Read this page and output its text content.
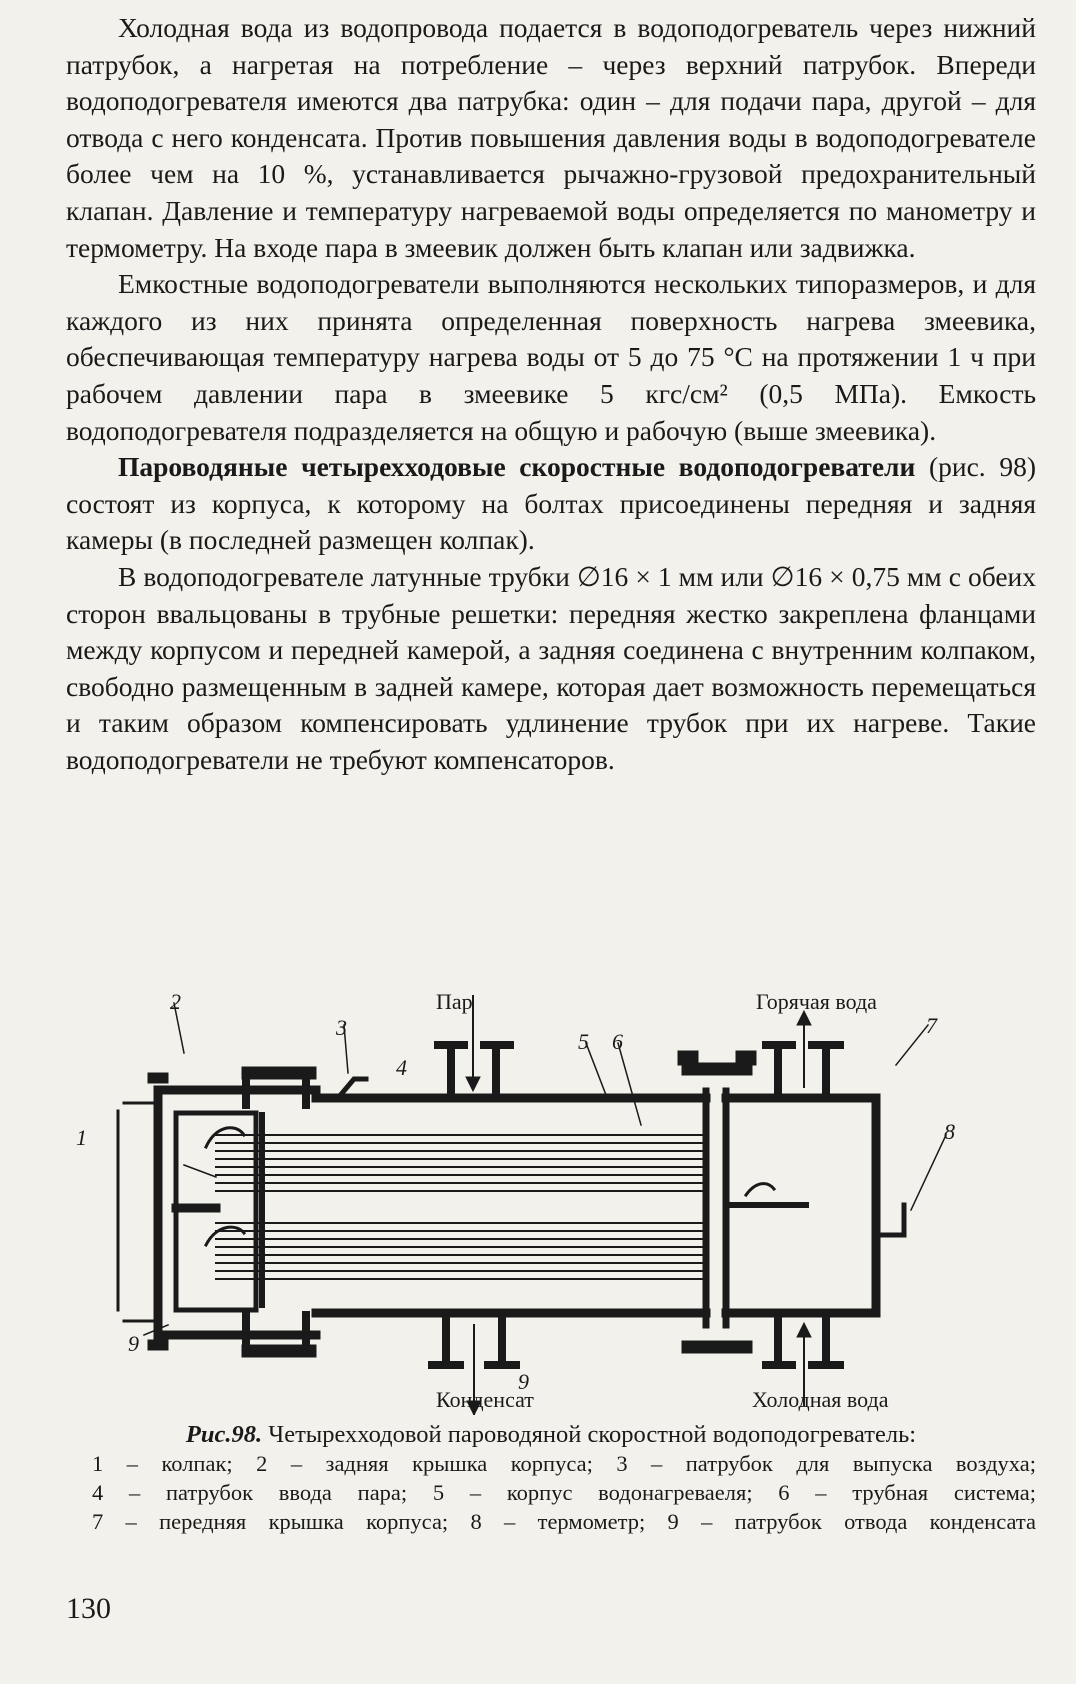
Холодная вода из водопровода подается в водоподогреватель через нижний патрубок, а нагретая на потребление – через верхний патрубок. Впереди водоподогревателя имеются два патрубка: один – для подачи пара, другой – для отвода с него конденсата. Против повышения давления воды в водоподогревателе более чем на 10 %, устанавливается рычажно-грузовой предохранительный клапан. Давление и температуру нагреваемой воды определяется по манометру и термометру. На входе пара в змеевик должен быть клапан или задвижка.

Емкостные водоподогреватели выполняются нескольких типоразмеров, и для каждого из них принята определенная поверхность нагрева змеевика, обеспечивающая температуру нагрева воды от 5 до 75 °С на протяжении 1 ч при рабочем давлении пара в змеевике 5 кгс/см² (0,5 МПа). Емкость водоподогревателя подразделяется на общую и рабочую (выше змеевика).

Пароводяные четырехходовые скоростные водоподогреватели (рис. 98) состоят из корпуса, к которому на болтах присоединены передняя и задняя камеры (в последней размещен колпак).

В водоподогревателе латунные трубки ∅16 × 1 мм или ∅16 × 0,75 мм с обеих сторон ввальцованы в трубные решетки: передняя жестко закреплена фланцами между корпусом и передней камерой, а задняя соединена с внутренним колпаком, свободно размещенным в задней камере, которая дает возможность перемещаться и таким образом компенсировать удлинение трубок при их нагреве. Такие водоподогреватели не требуют компенсаторов.

Пар	Горячая вода
Конденсат	Холодная вода
1
2
3
4
5 6
7
8
9
9
Рис.98. Четырехходовой пароводяной скоростной водоподогреватель:
1 – колпак; 2 – задняя крышка корпуса; 3 – патрубок для выпуска воздуха;
4 – патрубок ввода пара; 5 – корпус водонагреваеля; 6 – трубная система;
7 – передняя крышка корпуса; 8 – термометр; 9 – патрубок отвода конденсата
130
